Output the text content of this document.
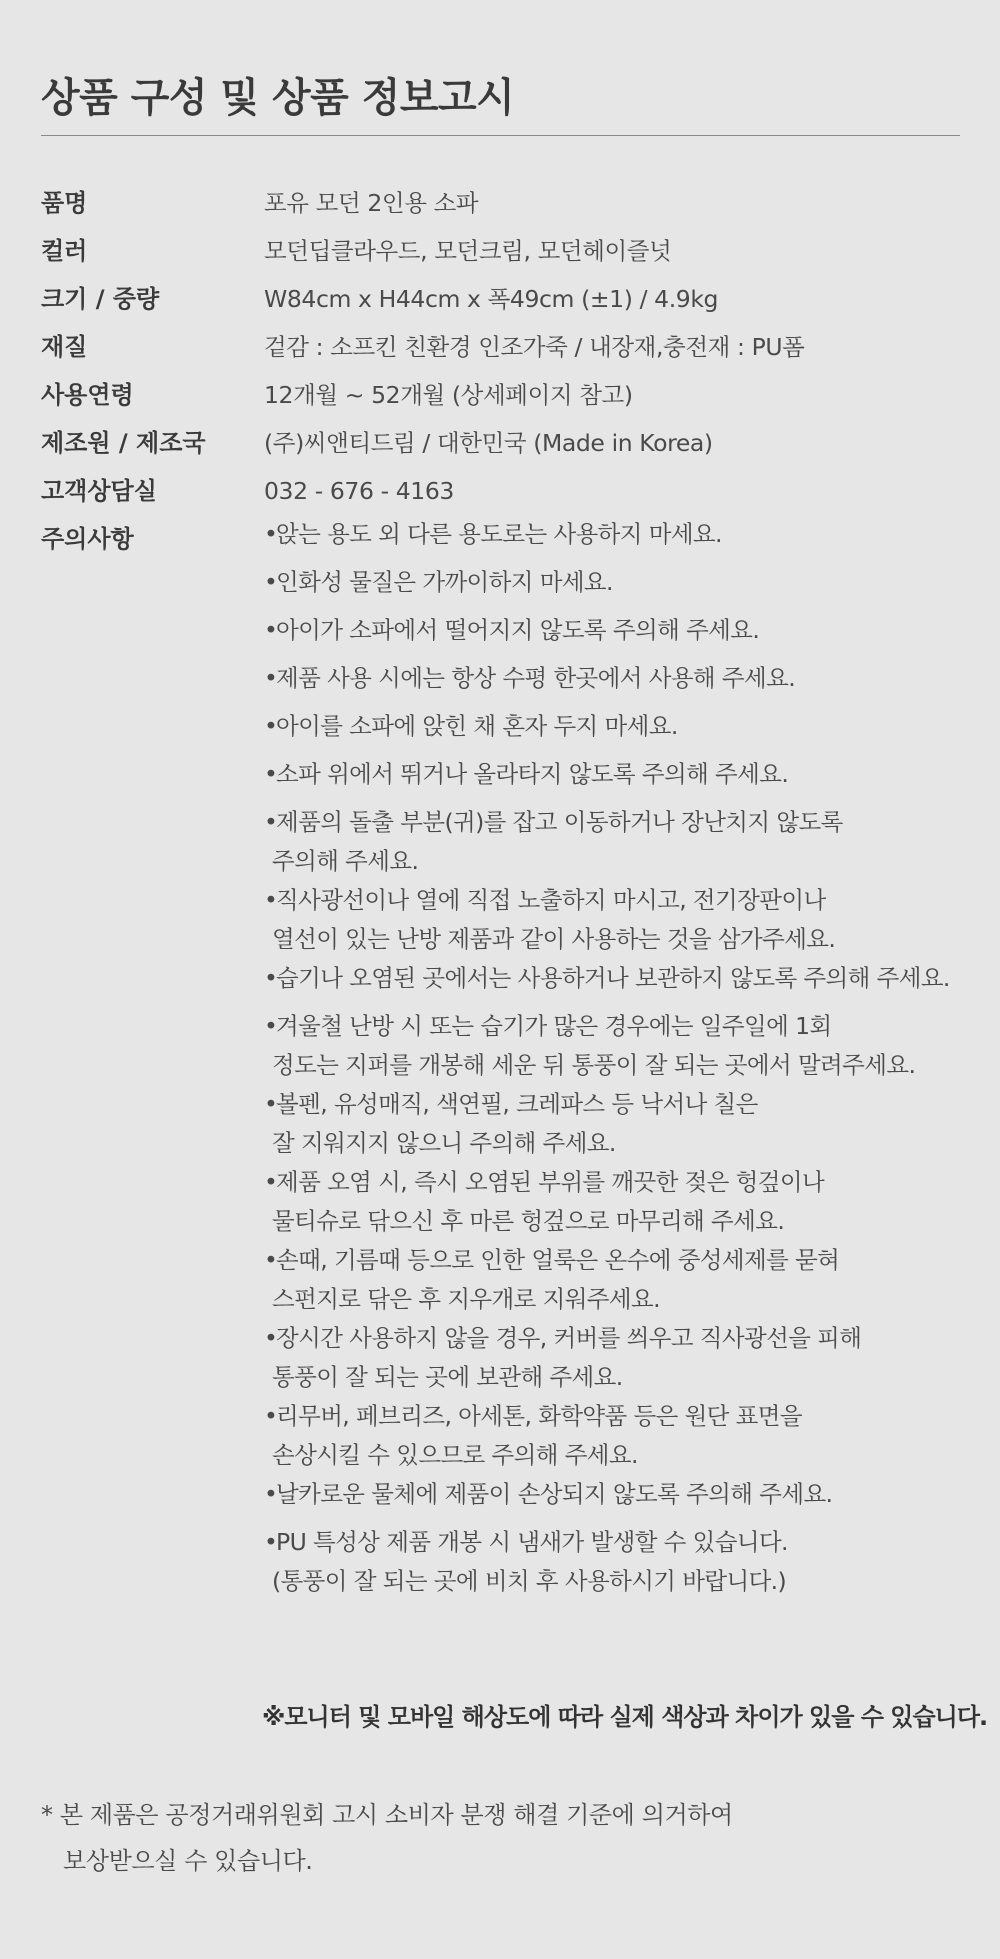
상품 구성 및 상품 정보고시
품명	포유 모던 2인용 소파
컬러	모던딥클라우드, 모던크림, 모던헤이즐넛
크기 / 중량	W84cm x H44cm x 폭49cm (±1) / 4.9kg
재질	겉감 : 소프킨 친환경 인조가죽 / 내장재,충전재 : PU폼
사용연령	12개월 ~ 52개월 (상세페이지 참고)
제조원 / 제조국	(주)씨앤티드림 / 대한민국 (Made in Korea)
고객상담실	032 - 676 - 4163
주의사항	•앉는 용도 외 다른 용도로는 사용하지 마세요.
•인화성 물질은 가까이하지 마세요.
•아이가 소파에서 떨어지지 않도록 주의해 주세요.
•제품 사용 시에는 항상 수평 한곳에서 사용해 주세요.
•아이를 소파에 앉힌 채 혼자 두지 마세요.
•소파 위에서 뛰거나 올라타지 않도록 주의해 주세요.
•제품의 돌출 부분(귀)를 잡고 이동하거나 장난치지 않도록
주의해 주세요.
•직사광선이나 열에 직접 노출하지 마시고, 전기장판이나
열선이 있는 난방 제품과 같이 사용하는 것을 삼가주세요.
•습기나 오염된 곳에서는 사용하거나 보관하지 않도록 주의해 주세요.
•겨울철 난방 시 또는 습기가 많은 경우에는 일주일에 1회
정도는 지퍼를 개봉해 세운 뒤 통풍이 잘 되는 곳에서 말려주세요.
•볼펜, 유성매직, 색연필, 크레파스 등 낙서나 칠은
잘 지워지지 않으니 주의해 주세요.
•제품 오염 시, 즉시 오염된 부위를 깨끗한 젖은 헝겊이나
물티슈로 닦으신 후 마른 헝겊으로 마무리해 주세요.
•손때, 기름때 등으로 인한 얼룩은 온수에 중성세제를 묻혀
스펀지로 닦은 후 지우개로 지워주세요.
•장시간 사용하지 않을 경우, 커버를 씌우고 직사광선을 피해
통풍이 잘 되는 곳에 보관해 주세요.
•리무버, 페브리즈, 아세톤, 화학약품 등은 원단 표면을
손상시킬 수 있으므로 주의해 주세요.
•날카로운 물체에 제품이 손상되지 않도록 주의해 주세요.
•PU 특성상 제품 개봉 시 냄새가 발생할 수 있습니다.
(통풍이 잘 되는 곳에 비치 후 사용하시기 바랍니다.)
※모니터 및 모바일 해상도에 따라 실제 색상과 차이가 있을 수 있습니다.
* 본 제품은 공정거래위원회 고시 소비자 분쟁 해결 기준에 의거하여
보상받으실 수 있습니다.
